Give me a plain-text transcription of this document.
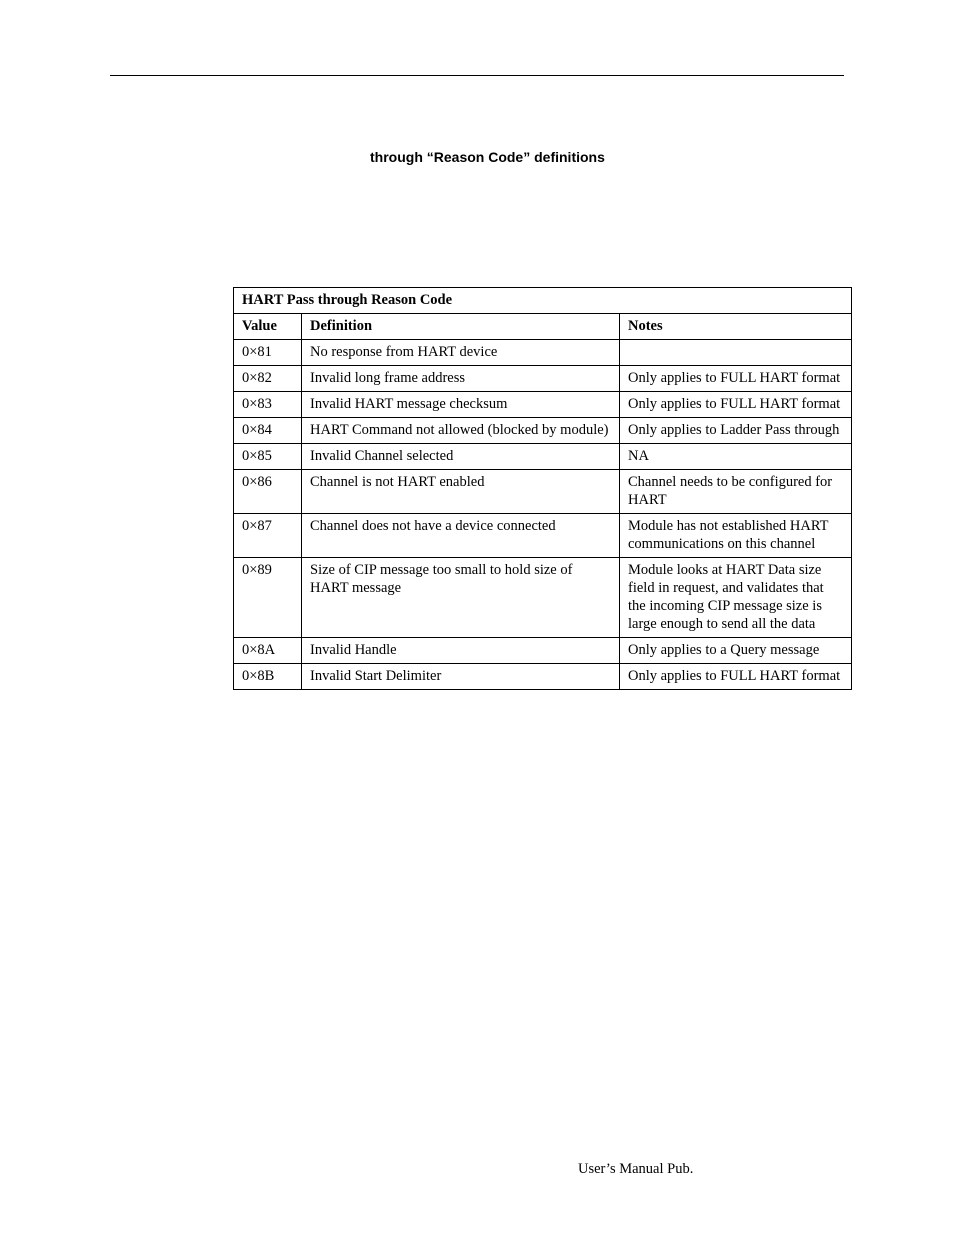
through “Reason Code” definitions
HART Pass through Reason Code		
Value	Definition	Notes
0×81	No response from HART device	
0×82	Invalid long frame address	Only applies to FULL HART format
0×83	Invalid HART message checksum	Only applies to FULL HART format
0×84	HART Command not allowed (blocked by module)	Only applies to Ladder Pass through
0×85	Invalid Channel selected	NA
0×86	Channel is not HART enabled	Channel needs to be configured for HART
0×87	Channel does not have a device connected	Module has not established HART communications on this channel
0×89	Size of CIP message too small to hold size of HART message	Module looks at HART Data size field in request, and validates that the incoming CIP message size is large enough to send all the data
0×8A	Invalid Handle	Only applies to a Query message
0×8B	Invalid Start Delimiter	Only applies to FULL HART format
User’s Manual Pub.
